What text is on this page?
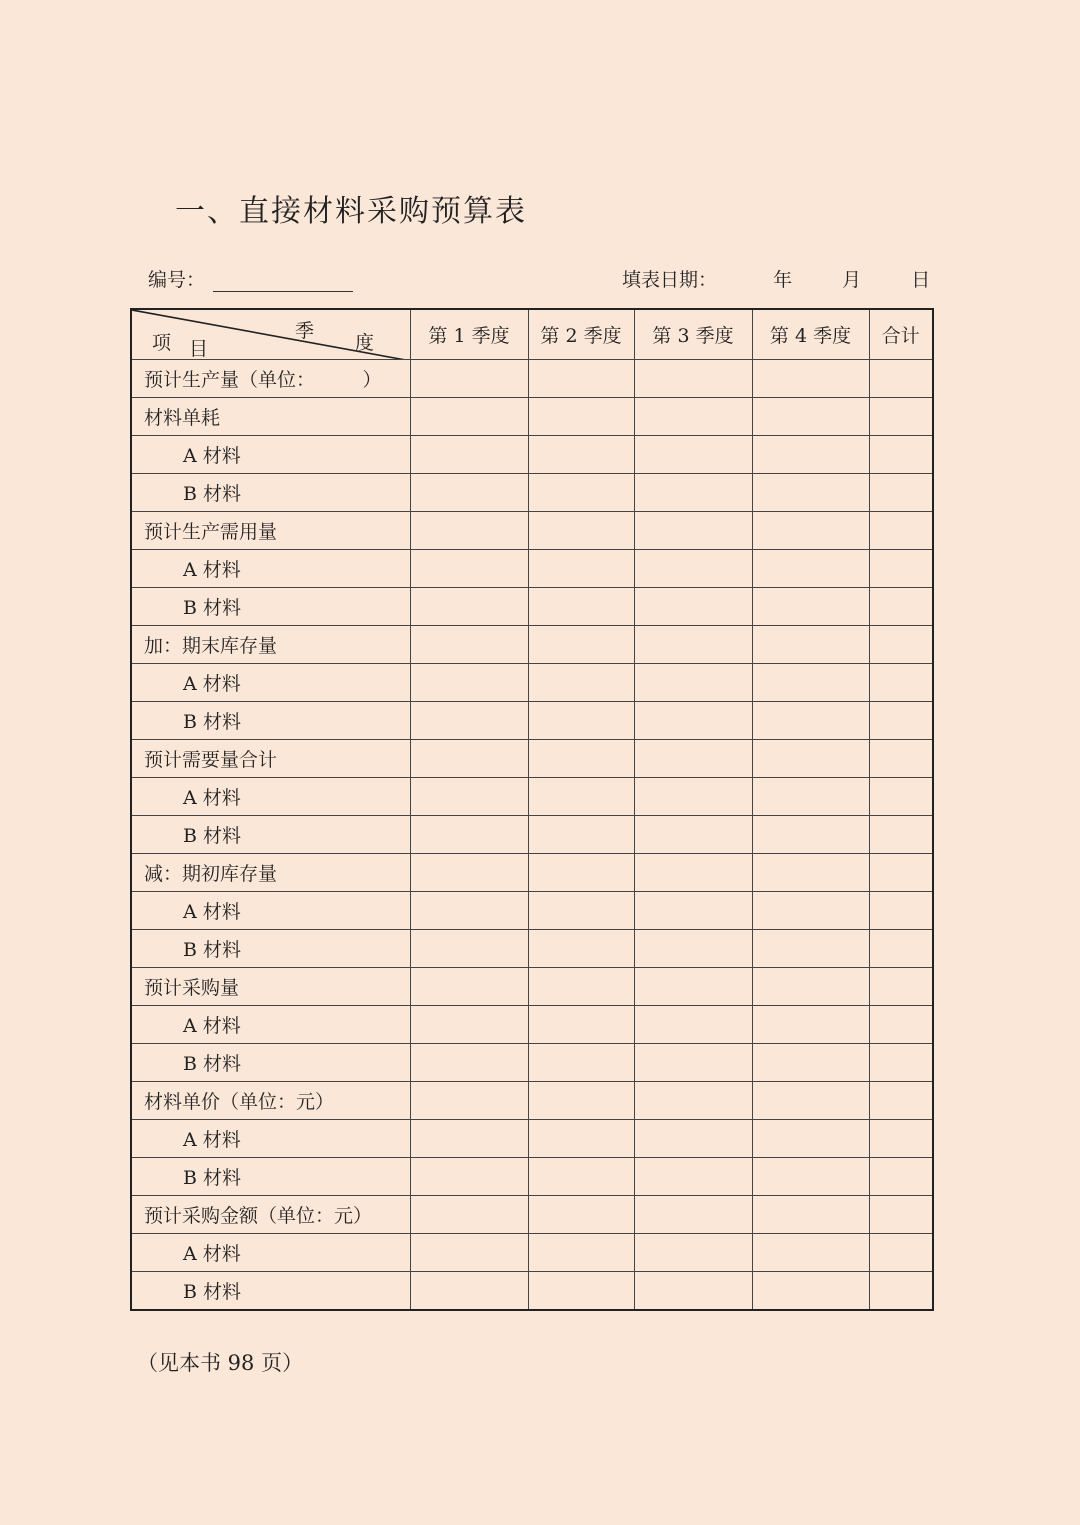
一、直接材料采购预算表
编号：	填表日期：	年	月	日
季
度
项 目	第 1 季度	第 2 季度	第 3 季度	第 4 季度	合计
预计生产量（单位：　　　）					
材料单耗					
A 材料					
B 材料					
预计生产需用量					
A 材料					
B 材料					
加：期末库存量					
A 材料					
B 材料					
预计需要量合计					
A 材料					
B 材料					
减：期初库存量					
A 材料					
B 材料					
预计采购量					
A 材料					
B 材料					
材料单价（单位：元）					
A 材料					
B 材料					
预计采购金额（单位：元）					
A 材料					
B 材料					
（见本书 98 页）
